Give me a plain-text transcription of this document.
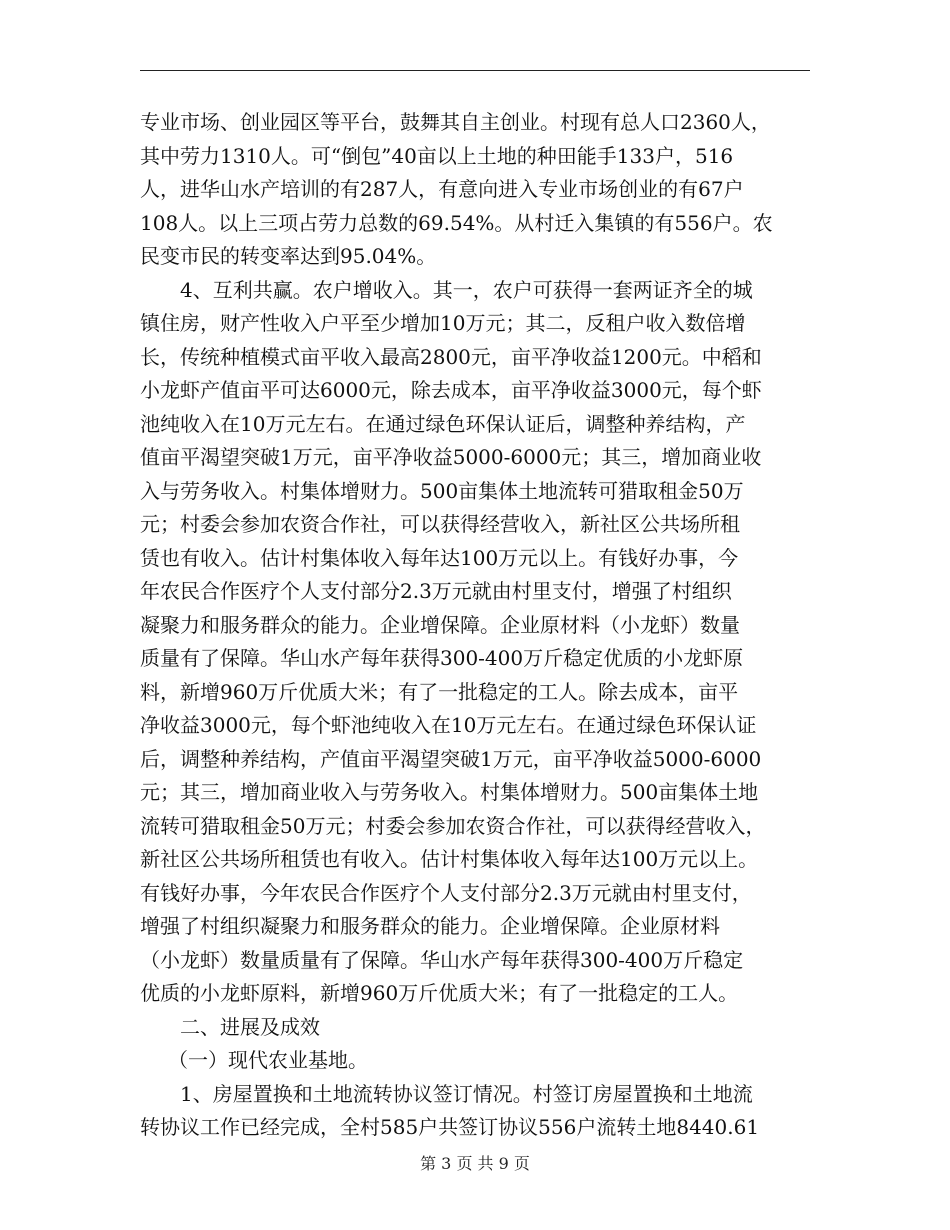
专业市场、创业园区等平台，鼓舞其自主创业。村现有总人口2360人，
其中劳力1310人。可“倒包”40亩以上土地的种田能手133户，516
人，进华山水产培训的有287人，有意向进入专业市场创业的有67户
108人。以上三项占劳力总数的69.54%。从村迁入集镇的有556户。农
民变市民的转变率达到95.04%。
4、互利共赢。农户增收入。其一，农户可获得一套两证齐全的城
镇住房，财产性收入户平至少增加10万元；其二，反租户收入数倍增
长，传统种植模式亩平收入最高2800元，亩平净收益1200元。中稻和
小龙虾产值亩平可达6000元，除去成本，亩平净收益3000元，每个虾
池纯收入在10万元左右。在通过绿色环保认证后，调整种养结构，产
值亩平渴望突破1万元，亩平净收益5000-6000元；其三，增加商业收
入与劳务收入。村集体增财力。500亩集体土地流转可猎取租金50万
元；村委会参加农资合作社，可以获得经营收入，新社区公共场所租
赁也有收入。估计村集体收入每年达100万元以上。有钱好办事，今
年农民合作医疗个人支付部分2.3万元就由村里支付，增强了村组织
凝聚力和服务群众的能力。企业增保障。企业原材料（小龙虾）数量
质量有了保障。华山水产每年获得300-400万斤稳定优质的小龙虾原
料，新增960万斤优质大米；有了一批稳定的工人。除去成本，亩平
净收益3000元，每个虾池纯收入在10万元左右。在通过绿色环保认证
后，调整种养结构，产值亩平渴望突破1万元，亩平净收益5000-6000
元；其三，增加商业收入与劳务收入。村集体增财力。500亩集体土地
流转可猎取租金50万元；村委会参加农资合作社，可以获得经营收入，
新社区公共场所租赁也有收入。估计村集体收入每年达100万元以上。
有钱好办事，今年农民合作医疗个人支付部分2.3万元就由村里支付，
增强了村组织凝聚力和服务群众的能力。企业增保障。企业原材料
（小龙虾）数量质量有了保障。华山水产每年获得300-400万斤稳定
优质的小龙虾原料，新增960万斤优质大米；有了一批稳定的工人。
二、进展及成效
（一）现代农业基地。
1、房屋置换和土地流转协议签订情况。村签订房屋置换和土地流
转协议工作已经完成，全村585户共签订协议556户流转土地8440.61
第 3 页 共 9 页
